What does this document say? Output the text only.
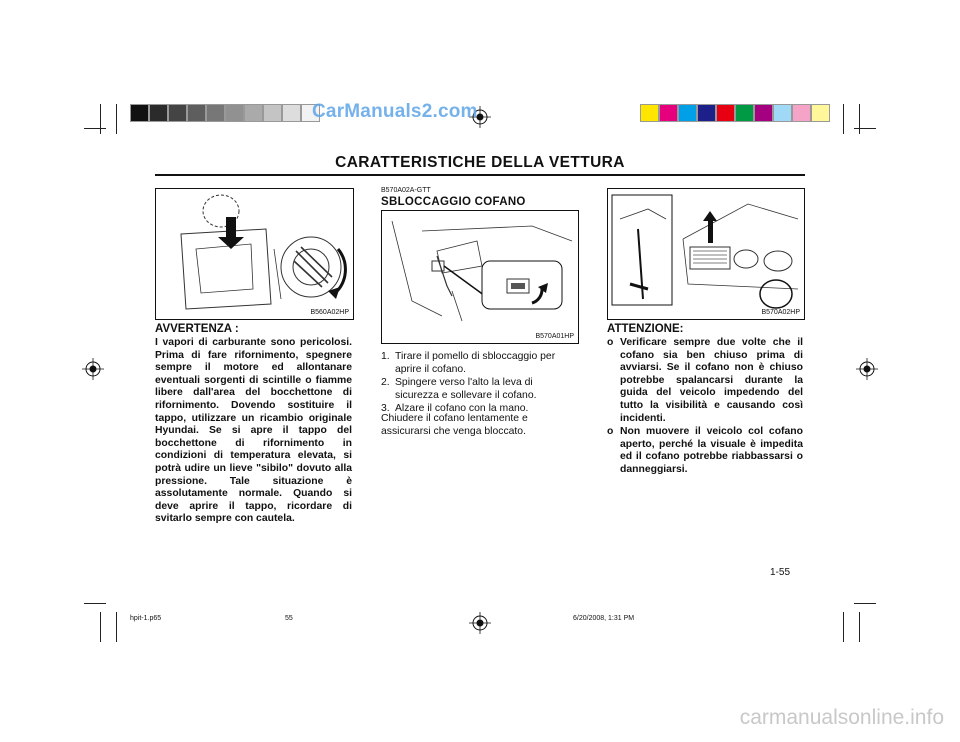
CarManuals2.com
CARATTERISTICHE DELLA VETTURA
B560A02HP
AVVERTENZA :
I vapori di carburante sono pericolosi. Prima di fare rifornimento, spegnere sempre il motore ed allontanare eventuali sorgenti di scintille o fiamme libere dall'area del bocchettone di rifornimento. Dovendo sostituire il tappo, utilizzare un ricambio originale Hyundai. Se si apre il tappo del bocchettone di rifornimento in condizioni di temperatura elevata, si potrà udire un lieve "sibilo" dovuto alla pressione. Tale situazione è assolutamente normale. Quando si deve aprire il tappo, ricordare di svitarlo sempre con cautela.
B570A02A-GTT
SBLOCCAGGIO COFANO
B570A01HP
1. Tirare il pomello di sbloccaggio per aprire il cofano.
2. Spingere verso l'alto la leva di sicurezza e sollevare il cofano.
3. Alzare il cofano con la mano.
Chiudere il cofano lentamente e assicurarsi che venga bloccato.
B570A02HP
ATTENZIONE:
o Verificare sempre due volte che il cofano sia ben chiuso prima di avviarsi. Se il cofano non è chiuso potrebbe spalancarsi durante la guida del veicolo impedendo del tutto la visibilità e causando così incidenti.
o Non muovere il veicolo col cofano aperto, perché la visuale è impedita ed il cofano potrebbe riabbassarsi o danneggiarsi.
1-55
hpit-1.p65	55	6/20/2008, 1:31 PM
carmanualsonline.info
